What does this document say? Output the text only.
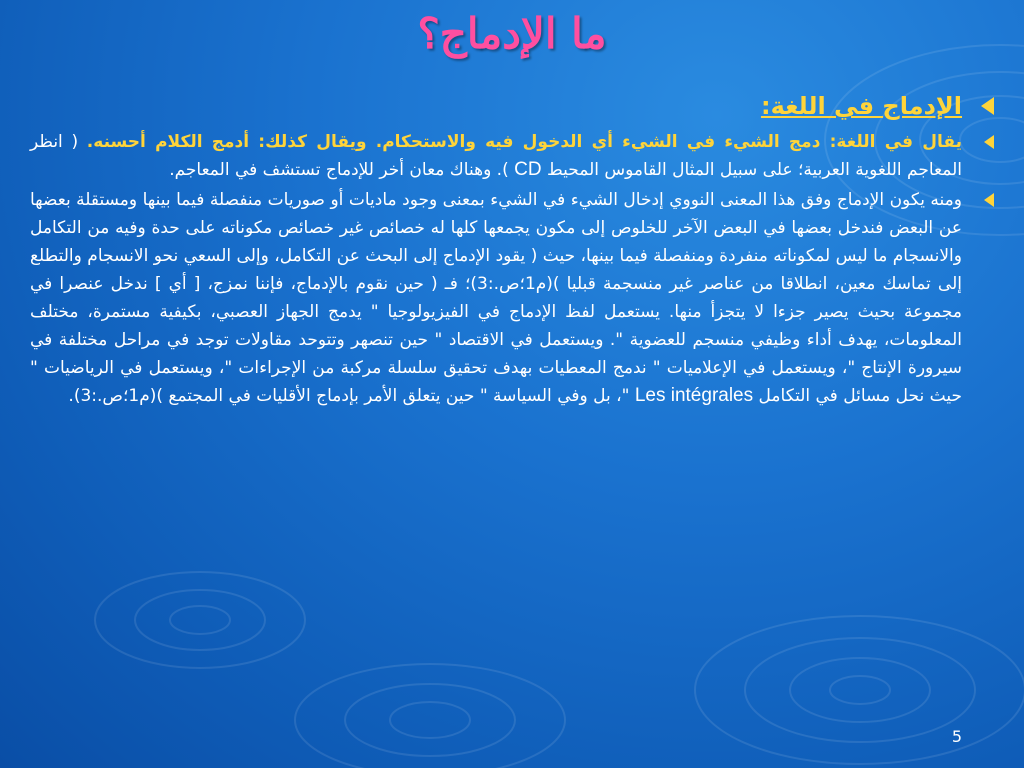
ما الإدماج؟
الإدماج في اللغة:
يقال في اللغة: دمج الشيء في الشيء أي الدخول فيه والاستحكام. ويقال كذلك: أدمج الكلام أحسنه. ( انظر المعاجم اللغوية العربية؛ على سبيل المثال القاموس المحيط CD ). وهناك معان أخر للإدماج تستشف في المعاجم.
ومنه يكون الإدماج وفق هذا المعنى النووي إدخال الشيء في الشيء بمعنى وجود ماديات أو صوريات منفصلة فيما بينها ومستقلة بعضها عن البعض فندخل بعضها في البعض الآخر للخلوص إلى مكون يجمعها كلها له خصائص غير خصائص مكوناته على حدة وفيه من التكامل والانسجام ما ليس لمكوناته منفردة ومنفصلة فيما بينها، حيث ( يقود الإدماج إلى البحث عن التكامل، وإلى السعي نحو الانسجام والتطلع إلى تماسك معين، انطلاقا من عناصر غير منسجمة قبليا )(م1؛ص.:3)؛ فـ ( حين نقوم بالإدماج، فإننا نمزج، [ أي ] ندخل عنصرا في مجموعة بحيث يصير جزءا لا يتجزأ منها. يستعمل لفظ الإدماج في الفيزيولوجيا " يدمج الجهاز العصبي، بكيفية مستمرة، مختلف المعلومات، يهدف أداء وظيفي منسجم للعضوية ". ويستعمل في الاقتصاد " حين تنصهر وتتوحد مقاولات توجد في مراحل مختلفة في سيرورة الإنتاج "، ويستعمل في الإعلاميات " ندمج المعطيات بهدف تحقيق سلسلة مركبة من الإجراءات "، ويستعمل في الرياضيات " حيث نحل مسائل في التكامل Les intégrales "، بل وفي السياسة " حين يتعلق الأمر بإدماج الأقليات في المجتمع )(م1؛ص.:3).
5
